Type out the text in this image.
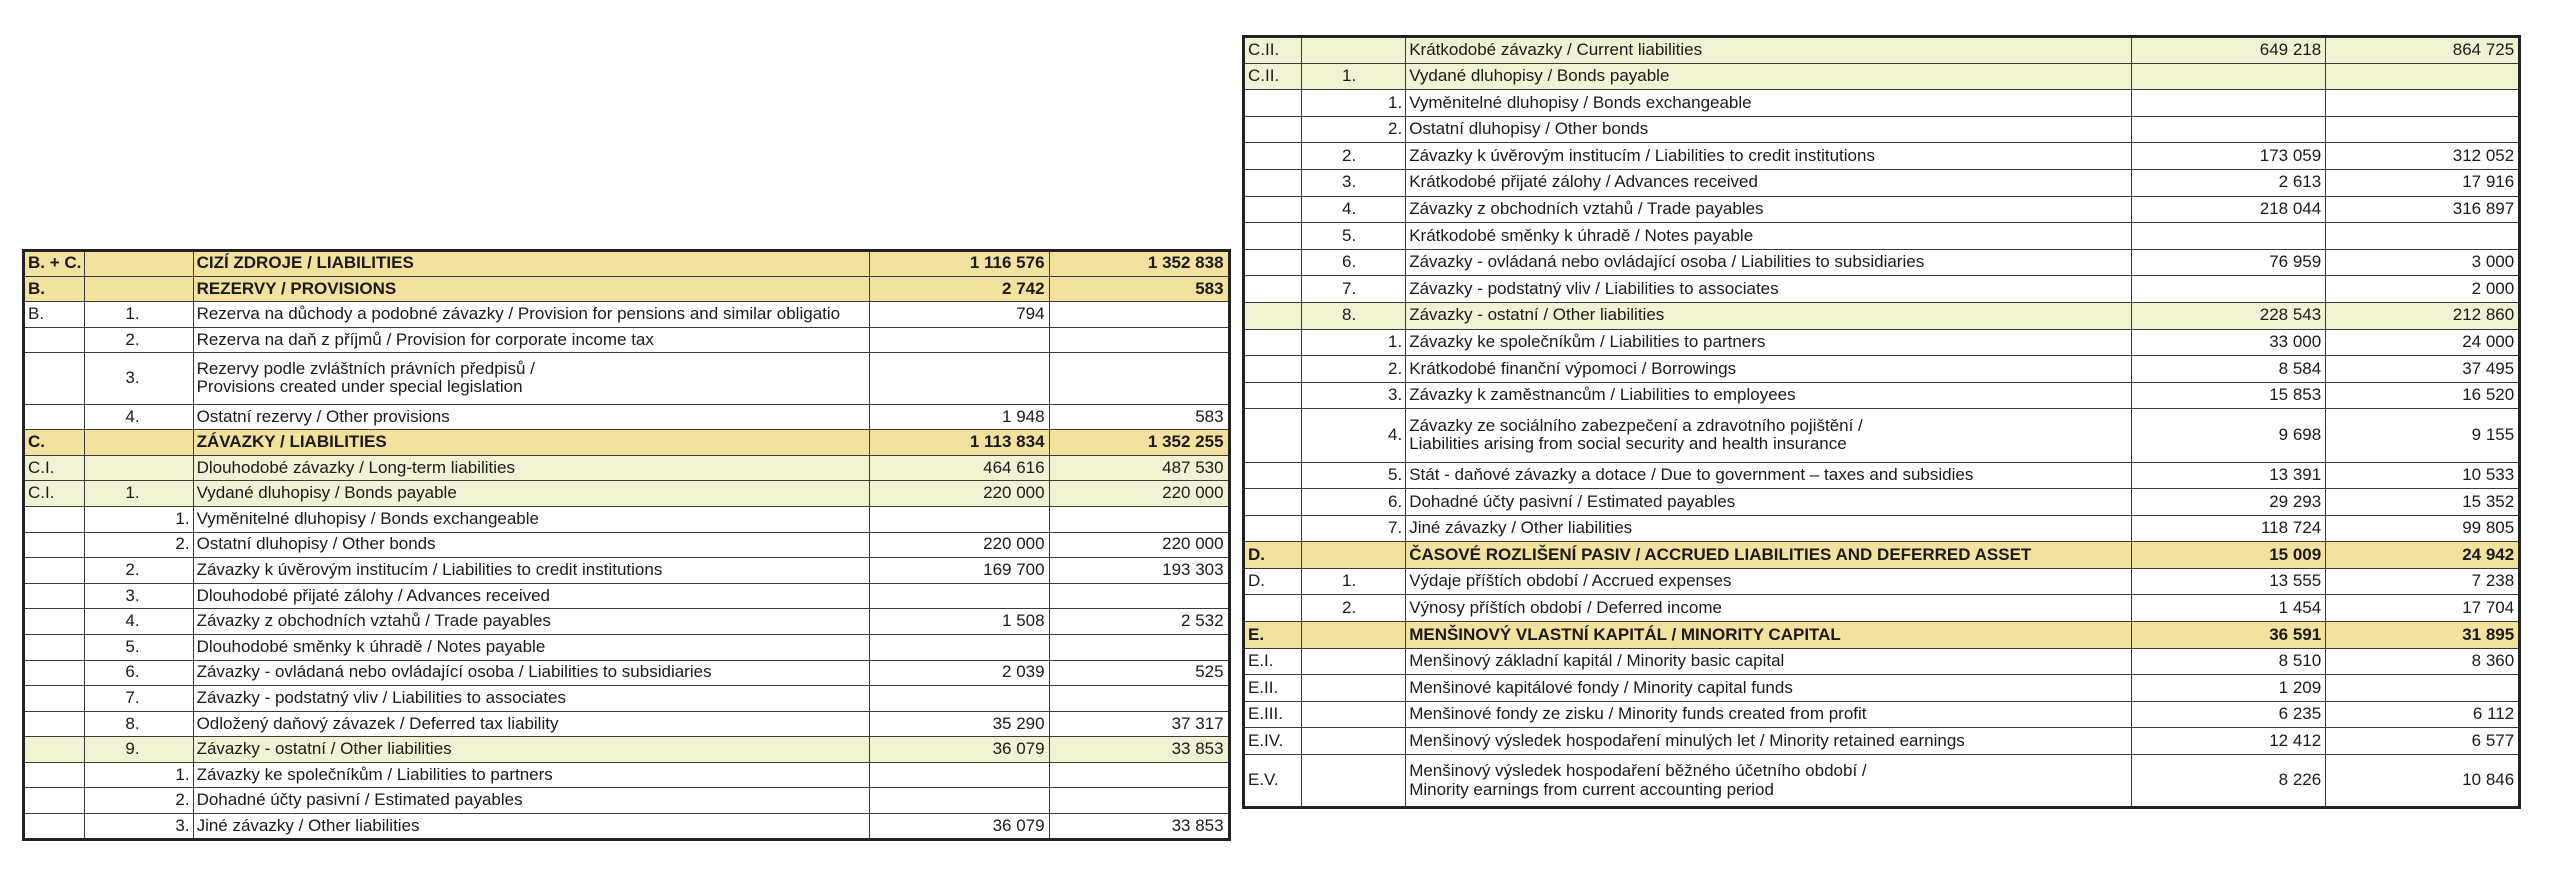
B. + C.		CIZÍ ZDROJE / LIABILITIES	1 116 576	1 352 838
B.		REZERVY / PROVISIONS	2 742	583
B.	1.	Rezerva na důchody a podobné závazky / Provision for pensions and similar obligatio	794	
	2.	Rezerva na daň z příjmů / Provision for corporate income tax		
	3.	Rezervy podle zvláštních právních předpisů /
Provisions created under special legislation		

	4.	Ostatní rezervy / Other provisions	1 948	583
C.		ZÁVAZKY / LIABILITIES	1 113 834	1 352 255
C.I.		Dlouhodobé závazky / Long-term liabilities	464 616	487 530
C.I.	1.	Vydané dluhopisy / Bonds payable	220 000	220 000
	1.	Vyměnitelné dluhopisy / Bonds exchangeable		
	2.	Ostatní dluhopisy / Other bonds	220 000	220 000
	2.	Závazky k úvěrovým institucím / Liabilities to credit institutions	169 700	193 303
	3.	Dlouhodobé přijaté zálohy / Advances received		
	4.	Závazky z obchodních vztahů / Trade payables	1 508	2 532
	5.	Dlouhodobé směnky k úhradě / Notes payable		
	6.	Závazky - ovládaná nebo ovládající osoba / Liabilities to subsidiaries	2 039	525
	7.	Závazky - podstatný vliv / Liabilities to associates		
	8.	Odložený daňový závazek / Deferred tax liability	35 290	37 317
	9.	Závazky - ostatní / Other liabilities	36 079	33 853
	1.	Závazky ke společníkům / Liabilities to partners		
	2.	Dohadné účty pasivní / Estimated payables		
	3.	Jiné závazky / Other liabilities	36 079	33 853
C.II.		Krátkodobé závazky / Current liabilities	649 218	864 725
C.II.	1.	Vydané dluhopisy / Bonds payable		
	1.	Vyměnitelné dluhopisy / Bonds exchangeable		
	2.	Ostatní dluhopisy / Other bonds		
	2.	Závazky k úvěrovým institucím / Liabilities to credit institutions	173 059	312 052
	3.	Krátkodobé přijaté zálohy / Advances received	2 613	17 916
	4.	Závazky z obchodních vztahů / Trade payables	218 044	316 897
	5.	Krátkodobé směnky k úhradě / Notes payable		
	6.	Závazky - ovládaná nebo ovládající osoba / Liabilities to subsidiaries	76 959	3 000
	7.	Závazky - podstatný vliv / Liabilities to associates		2 000
	8.	Závazky - ostatní / Other liabilities	228 543	212 860
	1.	Závazky ke společníkům / Liabilities to partners	33 000	24 000
	2.	Krátkodobé finanční výpomoci / Borrowings	8 584	37 495
	3.	Závazky k zaměstnancům / Liabilities to employees	15 853	16 520
	4.	Závazky ze sociálního zabezpečení a zdravotního pojištění /
Liabilities arising from social security and health insurance	9 698	9 155
	5.	Stát - daňové závazky a dotace / Due to government – taxes and subsidies	13 391	10 533
	6.	Dohadné účty pasivní / Estimated payables	29 293	15 352
	7.	Jiné závazky / Other liabilities	118 724	99 805
D.		ČASOVÉ ROZLIŠENÍ PASIV / ACCRUED LIABILITIES AND DEFERRED ASSET	15 009	24 942
D.	1.	Výdaje příštích období / Accrued expenses	13 555	7 238
	2.	Výnosy příštích období / Deferred income	1 454	17 704
E.		MENŠINOVÝ VLASTNÍ KAPITÁL / MINORITY CAPITAL	36 591	31 895
E.I.		Menšinový základní kapitál / Minority basic capital	8 510	8 360
E.II.		Menšinové kapitálové fondy / Minority capital funds	1 209	
E.III.		Menšinové fondy ze zisku / Minority funds created from profit	6 235	6 112
E.IV.		Menšinový výsledek hospodaření minulých let / Minority retained earnings	12 412	6 577
E.V.		Menšinový výsledek hospodaření běžného účetního období /
Minority earnings from current accounting period	8 226	10 846
